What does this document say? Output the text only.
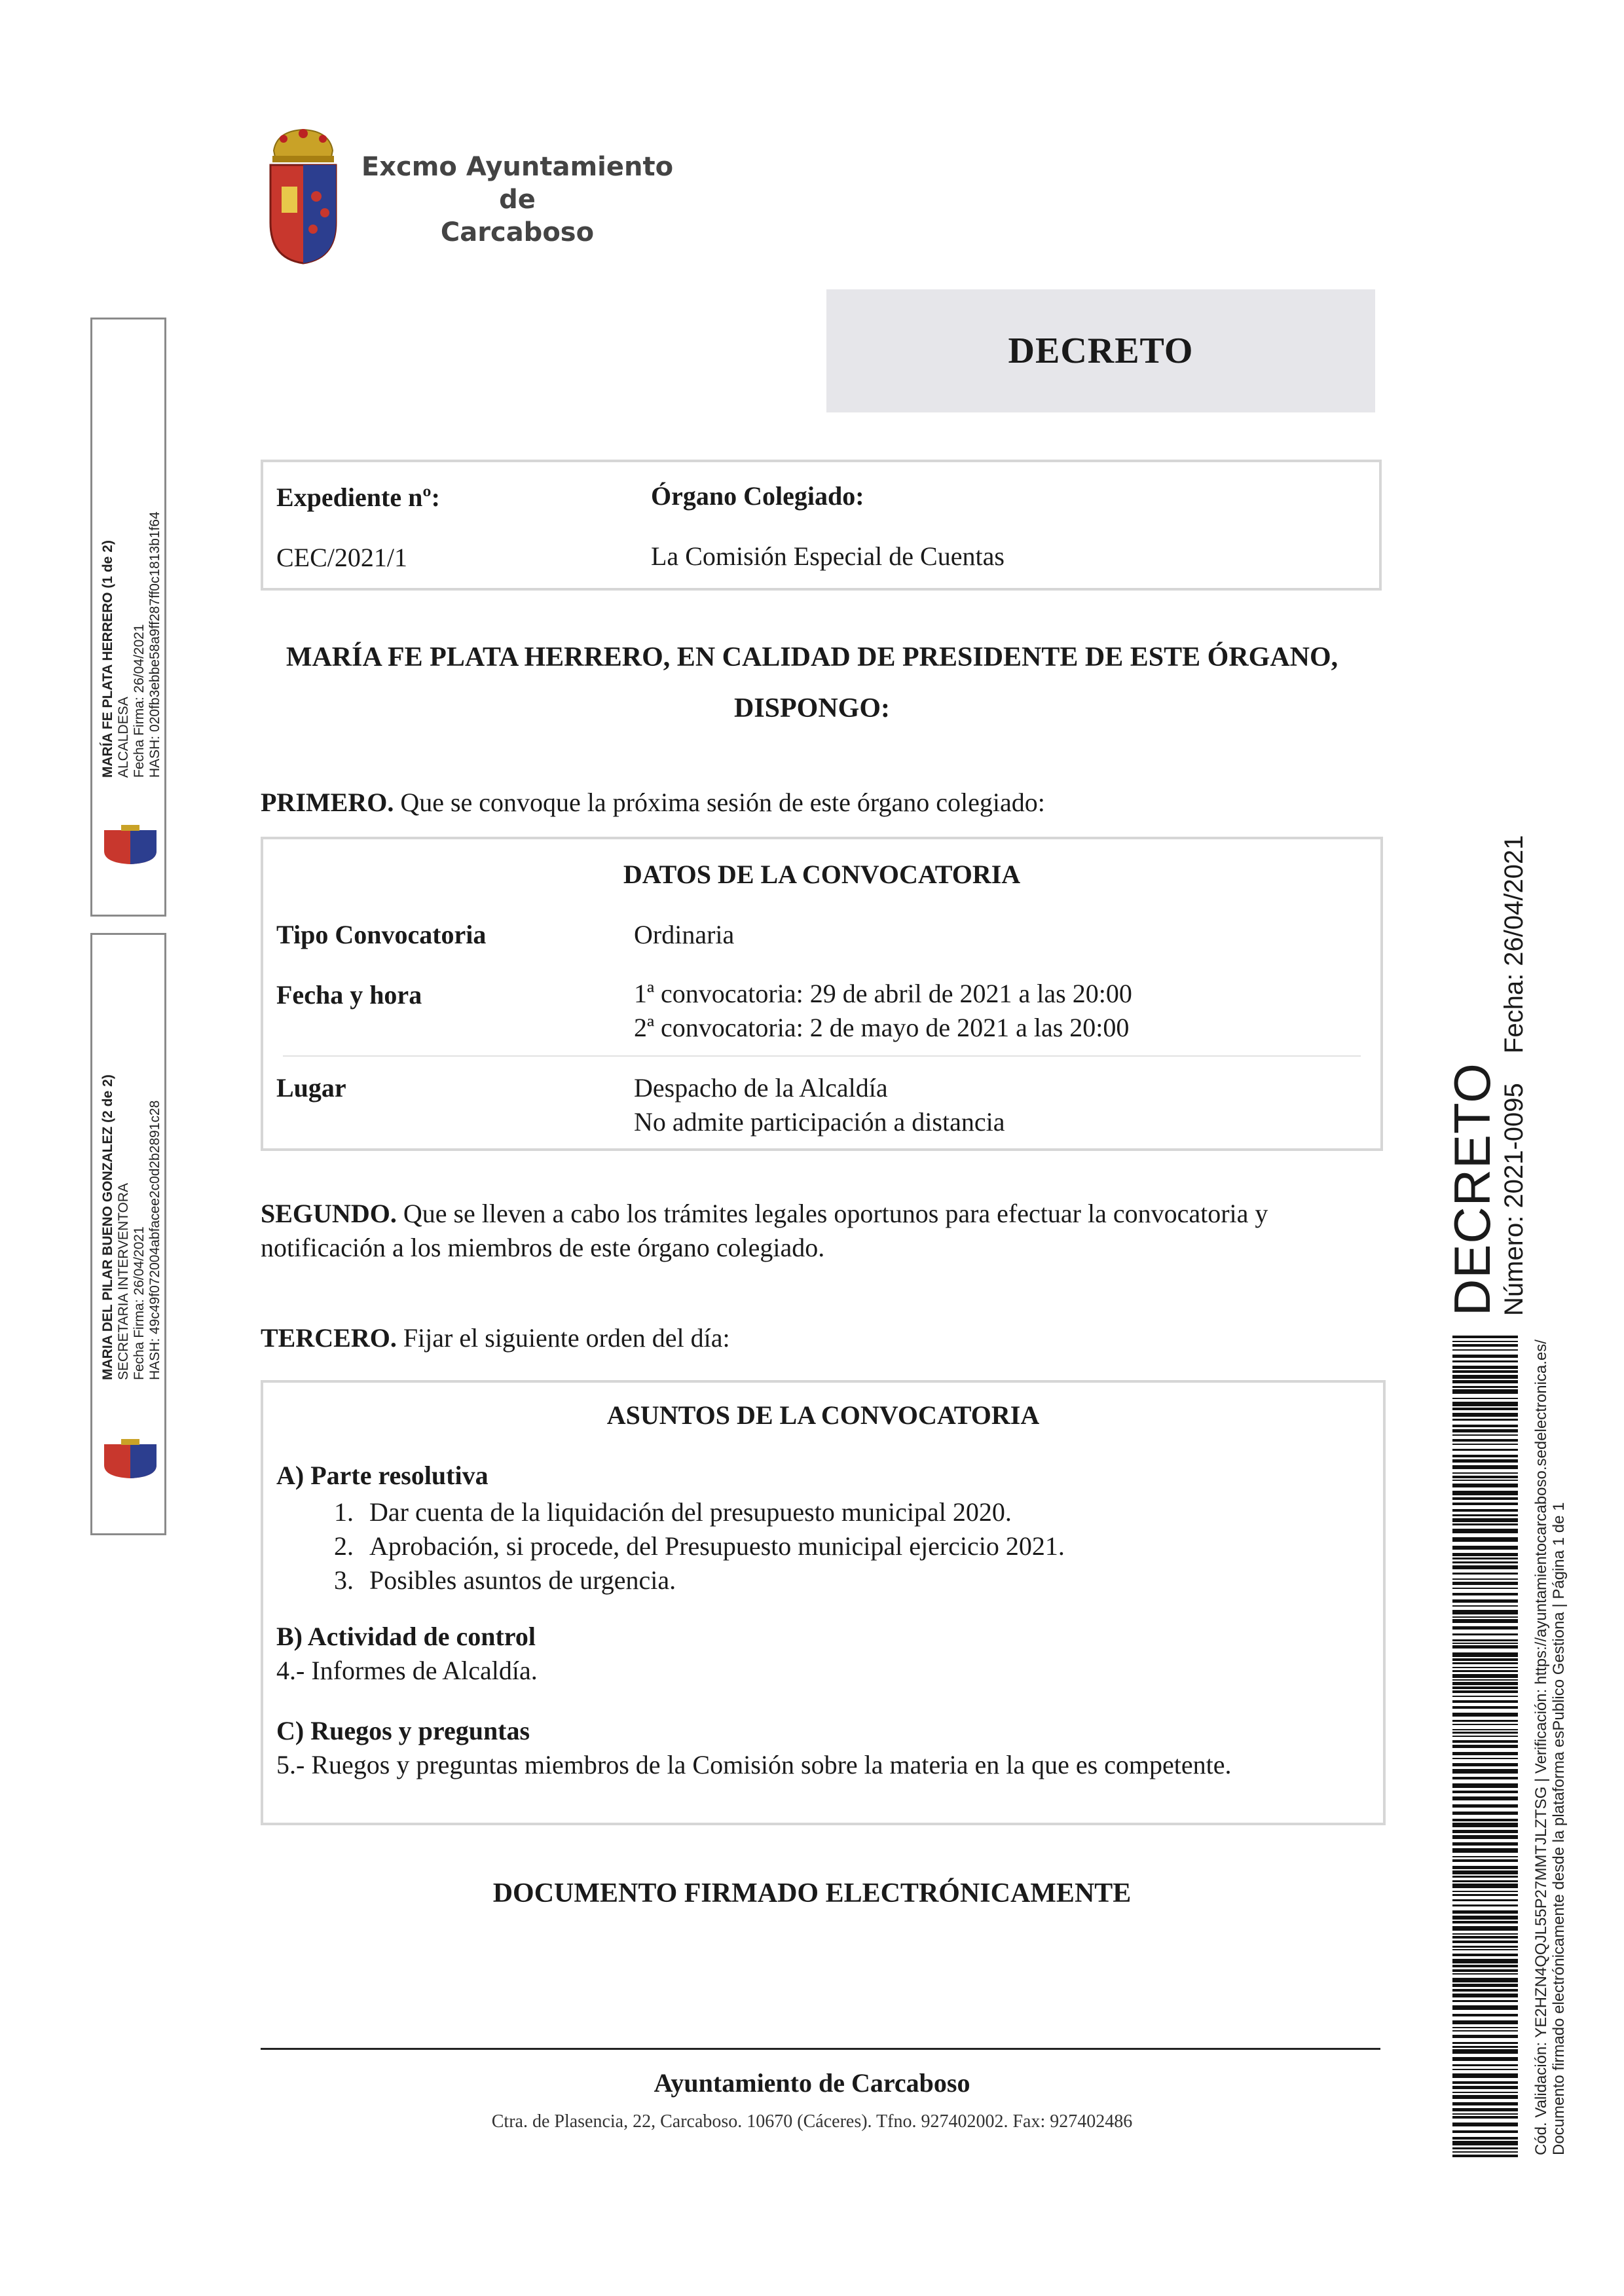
Excmo Ayuntamiento
de
Carcaboso
DECRETO
Expediente nº:
CEC/2021/1
Órgano Colegiado:
La Comisión Especial de Cuentas
MARÍA FE PLATA HERRERO, EN CALIDAD DE PRESIDENTE DE ESTE ÓRGANO,
DISPONGO:
PRIMERO. Que se convoque la próxima sesión de este órgano colegiado:
DATOS DE LA CONVOCATORIA
Tipo Convocatoria	Ordinaria
Fecha y hora	1ª convocatoria: 29 de abril de 2021 a las 20:00
2ª convocatoria: 2 de mayo de 2021 a las 20:00
Lugar	Despacho de la Alcaldía
No admite participación a distancia
SEGUNDO. Que se lleven a cabo los trámites legales oportunos para efectuar la convocatoria y
notificación a los miembros de este órgano colegiado.
TERCERO. Fijar el siguiente orden del día:
ASUNTOS DE LA CONVOCATORIA
A) Parte resolutiva
1. Dar cuenta de la liquidación del presupuesto municipal 2020.
2. Aprobación, si procede, del Presupuesto municipal ejercicio 2021.
3. Posibles asuntos de urgencia.
B) Actividad de control
4.- Informes de Alcaldía.
C) Ruegos y preguntas
5.- Ruegos y preguntas miembros de la Comisión sobre la materia en la que es competente.
DOCUMENTO FIRMADO ELECTRÓNICAMENTE
Ayuntamiento de Carcaboso
Ctra. de Plasencia, 22, Carcaboso. 10670 (Cáceres). Tfno. 927402002. Fax: 927402486
MARÍA FE PLATA HERRERO (1 de 2) ALCALDESA Fecha Firma: 26/04/2021 HASH: 020fb3ebbe58a9ff287ff0c1813b1f64
MARIA DEL PILAR BUENO GONZALEZ (2 de 2) SECRETARIA INTERVENTORA Fecha Firma: 26/04/2021 HASH: 49c49f072004abfacee2c0d2b2891c28	DECRETO
Número: 2021-0095 Fecha: 26/04/2021
Cód. Validación: YE2HZN4QQJL55P27MMTJLZTSG | Verificación: https://ayuntamientocarcaboso.sedelectronica.es/ Documento firmado electrónicamente desde la plataforma esPublico Gestiona | Página 1 de 1
